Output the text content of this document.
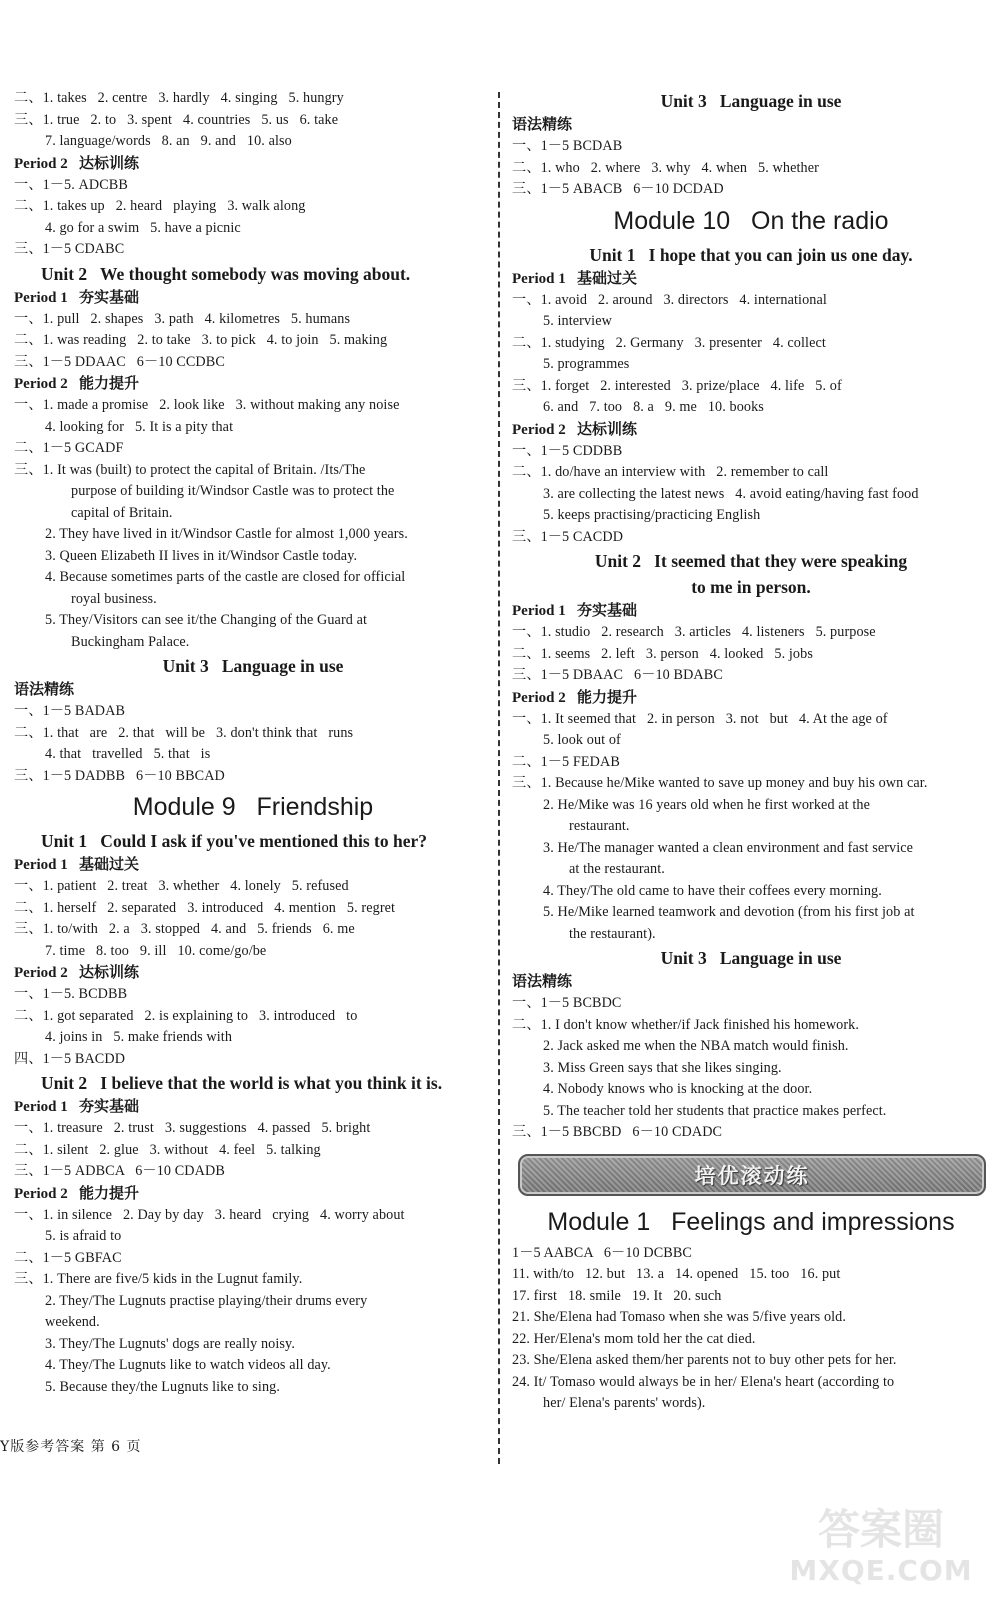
二、1. takes   2. centre   3. hardly   4. singing   5. hungry
三、1. true   2. to   3. spent   4. countries   5. us   6. take
7. language/words   8. an   9. and   10. also
Period 2   达标训练
一、1－5. ADCBB
二、1. takes up   2. heard   playing   3. walk along
4. go for a swim   5. have a picnic
三、1－5 CDABC
Unit 2   We thought somebody was moving about.
Period 1   夯实基础
一、1. pull   2. shapes   3. path   4. kilometres   5. humans
二、1. was reading   2. to take   3. to pick   4. to join   5. making
三、1－5 DDAAC   6－10 CCDBC
Period 2   能力提升
一、1. made a promise   2. look like   3. without making any noise
4. looking for   5. It is a pity that
二、1－5 GCADF
三、1. It was (built) to protect the capital of Britain. /Its/The
purpose of building it/Windsor Castle was to protect the
capital of Britain.
2. They have lived in it/Windsor Castle for almost 1,000 years.
3. Queen Elizabeth II lives in it/Windsor Castle today.
4. Because sometimes parts of the castle are closed for official
royal business.
5. They/Visitors can see it/the Changing of the Guard at
Buckingham Palace.
Unit 3   Language in use
语法精练
一、1－5 BADAB
二、1. that   are   2. that   will be   3. don't think that   runs
4. that   travelled   5. that   is
三、1－5 DADBB   6－10 BBCAD
Module 9   Friendship
Unit 1   Could I ask if you've mentioned this to her?
Period 1   基础过关
一、1. patient   2. treat   3. whether   4. lonely   5. refused
二、1. herself   2. separated   3. introduced   4. mention   5. regret
三、1. to/with   2. a   3. stopped   4. and   5. friends   6. me
7. time   8. too   9. ill   10. come/go/be
Period 2   达标训练
一、1－5. BCDBB
二、1. got separated   2. is explaining to   3. introduced   to
4. joins in   5. make friends with
四、1－5 BACDD
Unit 2   I believe that the world is what you think it is.
Period 1   夯实基础
一、1. treasure   2. trust   3. suggestions   4. passed   5. bright
二、1. silent   2. glue   3. without   4. feel   5. talking
三、1－5 ADBCA   6－10 CDADB
Period 2   能力提升
一、1. in silence   2. Day by day   3. heard   crying   4. worry about
5. is afraid to
二、1－5 GBFAC
三、1. There are five/5 kids in the Lugnut family.
2. They/The Lugnuts practise playing/their drums every
weekend.
3. They/The Lugnuts' dogs are really noisy.
4. They/The Lugnuts like to watch videos all day.
5. Because they/the Lugnuts like to sing.
Unit 3   Language in use
语法精练
一、1－5 BCDAB
二、1. who   2. where   3. why   4. when   5. whether
三、1－5 ABACB   6－10 DCDAD
Module 10   On the radio
Unit 1   I hope that you can join us one day.
Period 1   基础过关
一、1. avoid   2. around   3. directors   4. international
5. interview
二、1. studying   2. Germany   3. presenter   4. collect
5. programmes
三、1. forget   2. interested   3. prize/place   4. life   5. of
6. and   7. too   8. a   9. me   10. books
Period 2   达标训练
一、1－5 CDDBB
二、1. do/have an interview with   2. remember to call
3. are collecting the latest news   4. avoid eating/having fast food
5. keeps practising/practicing English
三、1－5 CACDD
Unit 2   It seemed that they were speaking
to me in person.
Period 1   夯实基础
一、1. studio   2. research   3. articles   4. listeners   5. purpose
二、1. seems   2. left   3. person   4. looked   5. jobs
三、1－5 DBAAC   6－10 BDABC
Period 2   能力提升
一、1. It seemed that   2. in person   3. not   but   4. At the age of
5. look out of
二、1－5 FEDAB
三、1. Because he/Mike wanted to save up money and buy his own car.
2. He/Mike was 16 years old when he first worked at the
restaurant.
3. He/The manager wanted a clean environment and fast service
at the restaurant.
4. They/The old came to have their coffees every morning.
5. He/Mike learned teamwork and devotion (from his first job at
the restaurant).
Unit 3   Language in use
语法精练
一、1－5 BCBDC
二、1. I don't know whether/if Jack finished his homework.
2. Jack asked me when the NBA match would finish.
3. Miss Green says that she likes singing.
4. Nobody knows who is knocking at the door.
5. The teacher told her students that practice makes perfect.
三、1－5 BBCBD   6－10 CDADC
培优滚动练
Module 1   Feelings and impressions
1－5 AABCA   6－10 DCBBC
11. with/to   12. but   13. a   14. opened   15. too   16. put
17. first   18. smile   19. It   20. such
21. She/Elena had Tomaso when she was 5/five years old.
22. Her/Elena's mom told her the cat died.
23. She/Elena asked them/her parents not to buy other pets for her.
24. It/ Tomaso would always be in her/ Elena's heart (according to
her/ Elena's parents' words).
Y版参考答案 第 6 页
答案圈
MXQE.COM
